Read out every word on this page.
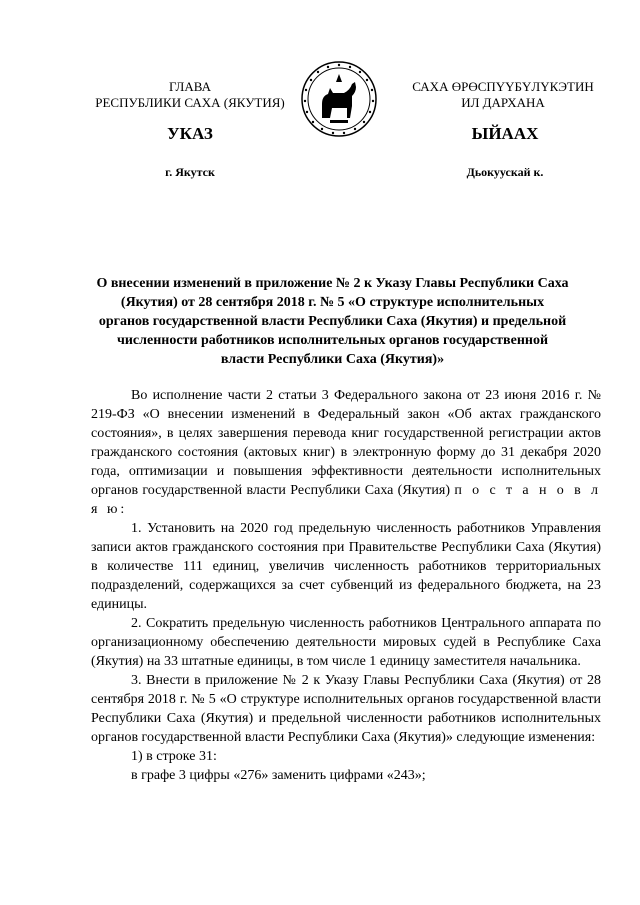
ГЛАВА
РЕСПУБЛИКИ САХА (ЯКУТИЯ)
САХА ӨРӨСПҮҮБҮЛҮКЭТИН
ИЛ ДАРХАНА
УКАЗ	ЫЙААХ
г. Якутск	Дьокуускай к.
О внесении изменений в приложение № 2 к Указу Главы Республики Саха (Якутия) от 28 сентября 2018 г. № 5 «О структуре исполнительных органов государственной власти Республики Саха (Якутия) и предельной численности работников исполнительных органов государственной власти Республики Саха (Якутия)»

Во исполнение части 2 статьи 3 Федерального закона от 23 июня 2016 г. № 219-ФЗ «О внесении изменений в Федеральный закон «Об актах гражданского состояния», в целях завершения перевода книг государственной регистрации актов гражданского состояния (актовых книг) в электронную форму до 31 декабря 2020 года, оптимизации и повышения эффективности деятельности исполнительных органов государственной власти Республики Саха (Якутия) п о с т а н о в л я ю:

1. Установить на 2020 год предельную численность работников Управления записи актов гражданского состояния при Правительстве Республики Саха (Якутия) в количестве 111 единиц, увеличив численность работников территориальных подразделений, содержащихся за счет субвенций из федерального бюджета, на 23 единицы.

2. Сократить предельную численность работников Центрального аппарата по организационному обеспечению деятельности мировых судей в Республике Саха (Якутия) на 33 штатные единицы, в том числе 1 единицу заместителя начальника.

3. Внести в приложение № 2 к Указу Главы Республики Саха (Якутия) от 28 сентября 2018 г. № 5 «О структуре исполнительных органов государственной власти Республики Саха (Якутия) и предельной численности работников исполнительных органов государственной власти Республики Саха (Якутия)» следующие изменения:

1) в строке 31:

в графе 3 цифры «276» заменить цифрами «243»;
